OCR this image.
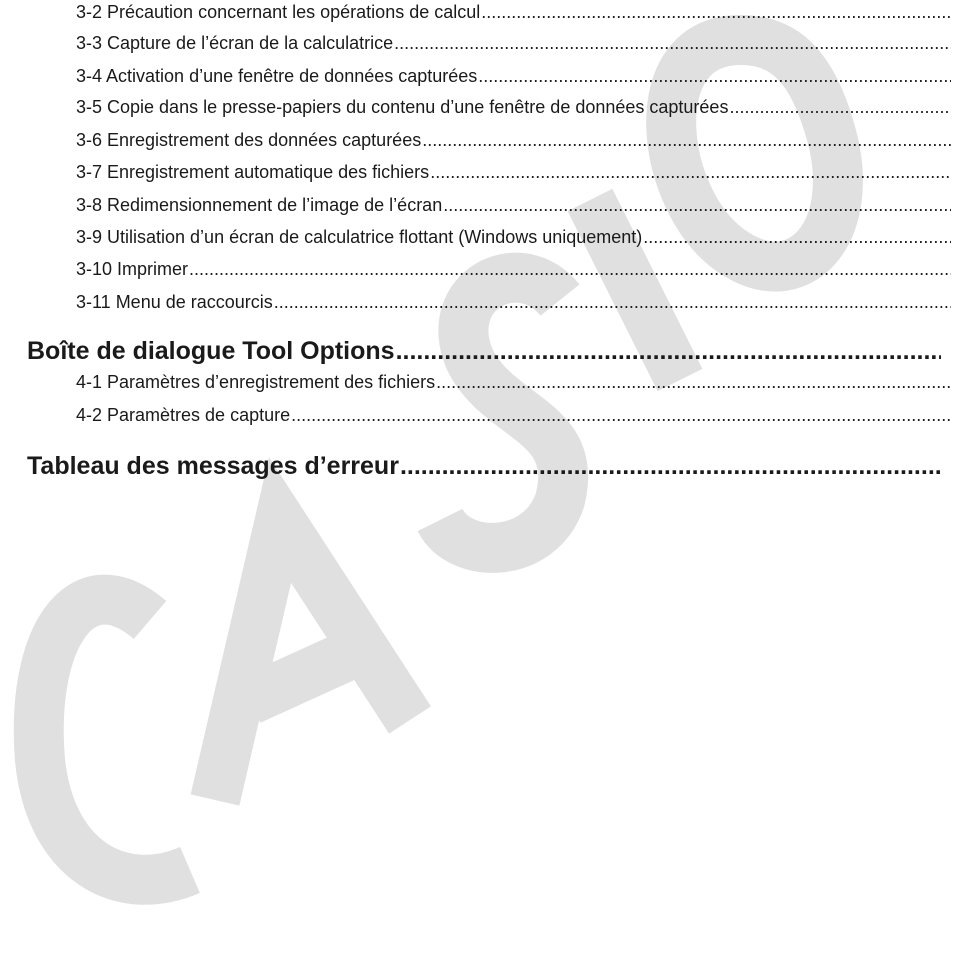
3-2 Précaution concernant les opérations de calcul
.....
3-3 Capture de l’écran de la calculatrice
.....
3-4 Activation d’une fenêtre de données capturées
.....
3-5 Copie dans le presse-papiers du contenu d’une fenêtre de données capturées
.....
3-6 Enregistrement des données capturées
.....
3-7 Enregistrement automatique des fichiers
.....
3-8 Redimensionnement de l’image de l’écran
.....
3-9 Utilisation d’un écran de calculatrice flottant (Windows uniquement)
.....
3-10 Imprimer
.....
3-11 Menu de raccourcis
.....
Boîte de dialogue Tool Options
.....
4-1 Paramètres d’enregistrement des fichiers
.....
4-2 Paramètres de capture
.....
Tableau des messages d’erreur
.....
